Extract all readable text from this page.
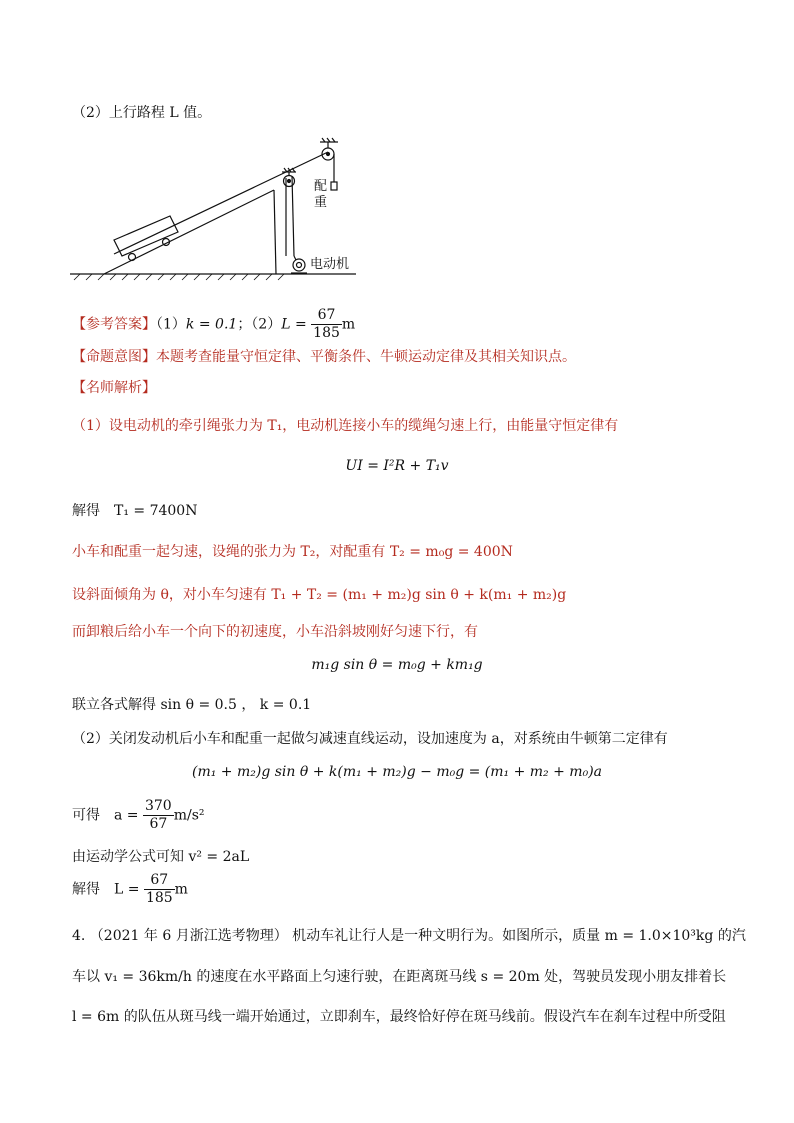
（2）上行路程 L 值。
配
重
电动机
【参考答案】（1）k = 0.1；$(2)L = \frac{67}{185}$ m
【命题意图】本题考查能量守恒定律、平衡条件、牛顿运动定律及其相关知识点。
【名师解析】
（1）设电动机的牵引绳张力为 T₁，电动机连接小车的缆绳匀速上行，由能量守恒定律有
UI = I²R + T₁v
解得　T₁ = 7400N
小车和配重一起匀速，设绳的张力为 T₂，对配重有 T₂ = m₀g = 400N
设斜面倾角为 θ，对小车匀速有 T₁ + T₂ = (m₁ + m₂)g sin θ + k(m₁ + m₂)g
而卸粮后给小车一个向下的初速度，小车沿斜坡刚好匀速下行，有
m₁g sin θ = m₀g + km₁g
联立各式解得 sin θ = 0.5 ， k = 0.1
（2）关闭发动机后小车和配重一起做匀减速直线运动，设加速度为 a，对系统由牛顿第二定律有
(m₁ + m₂)g sin θ + k(m₁ + m₂)g − m₀g = (m₁ + m₂ + m₀)a
可得　$a = \frac{370}{67} m/s^2$
由运动学公式可知 v² = 2aL
解得　$L = \frac{67}{185}$ m
4. （2021 年 6 月浙江选考物理） 机动车礼让行人是一种文明行为。如图所示，质量 m = 1.0×10³kg 的汽
车以 v₁ = 36km/h 的速度在水平路面上匀速行驶，在距离斑马线 s = 20m 处，驾驶员发现小朋友排着长
l = 6m 的队伍从斑马线一端开始通过，立即刹车，最终恰好停在斑马线前。假设汽车在刹车过程中所受阻
